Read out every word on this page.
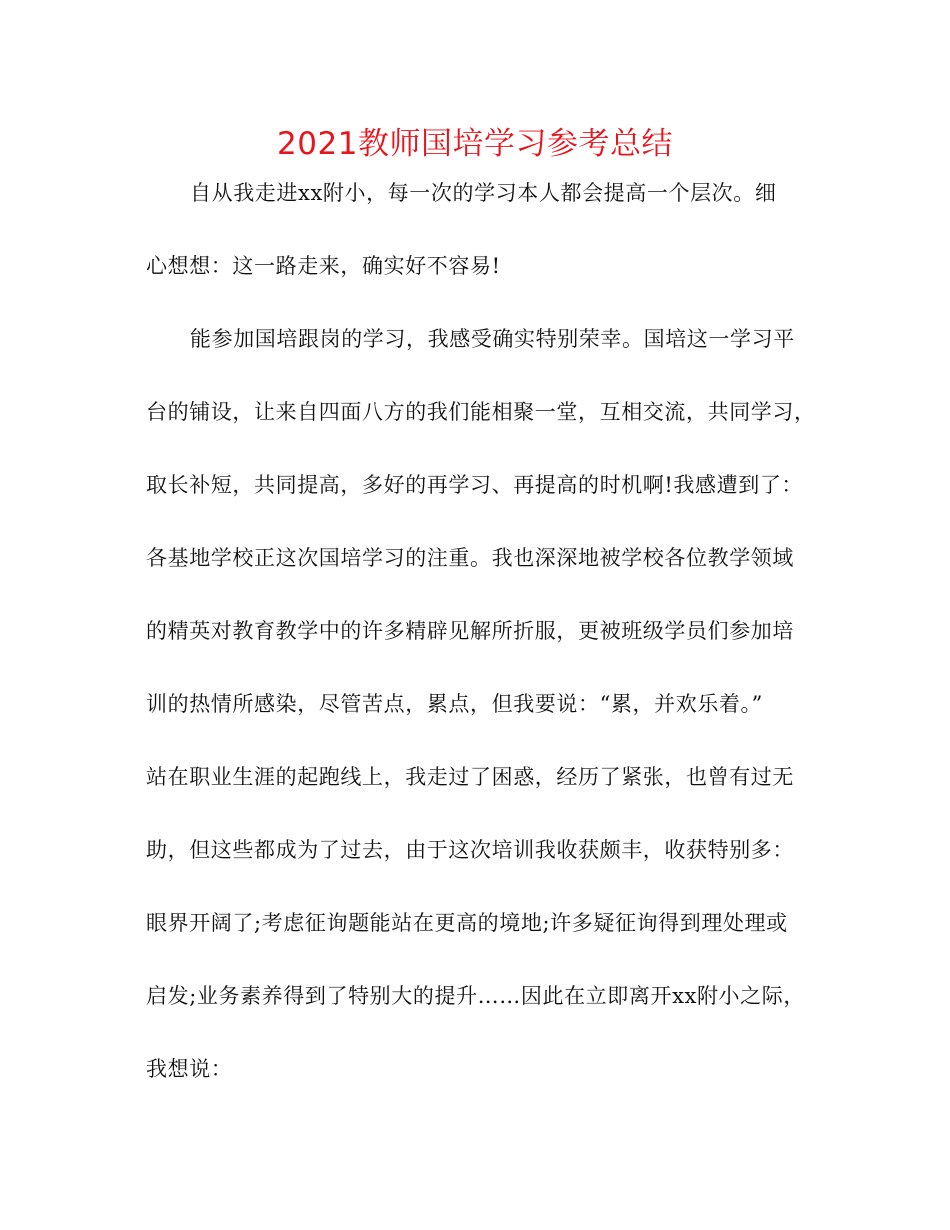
2021教师国培学习参考总结
自从我走进xx附小，每一次的学习本人都会提高一个层次。细
心想想：这一路走来，确实好不容易!
能参加国培跟岗的学习，我感受确实特别荣幸。国培这一学习平
台的铺设，让来自四面八方的我们能相聚一堂，互相交流，共同学习，
取长补短，共同提高，多好的再学习、再提高的时机啊!我感遭到了：
各基地学校正这次国培学习的注重。我也深深地被学校各位教学领域
的精英对教育教学中的许多精辟见解所折服，更被班级学员们参加培
训的热情所感染，尽管苦点，累点，但我要说：“累，并欢乐着。”
站在职业生涯的起跑线上，我走过了困惑，经历了紧张，也曾有过无
助，但这些都成为了过去，由于这次培训我收获颇丰，收获特别多：
眼界开阔了;考虑征询题能站在更高的境地;许多疑征询得到理处理或
启发;业务素养得到了特别大的提升……因此在立即离开xx附小之际，
我想说：
